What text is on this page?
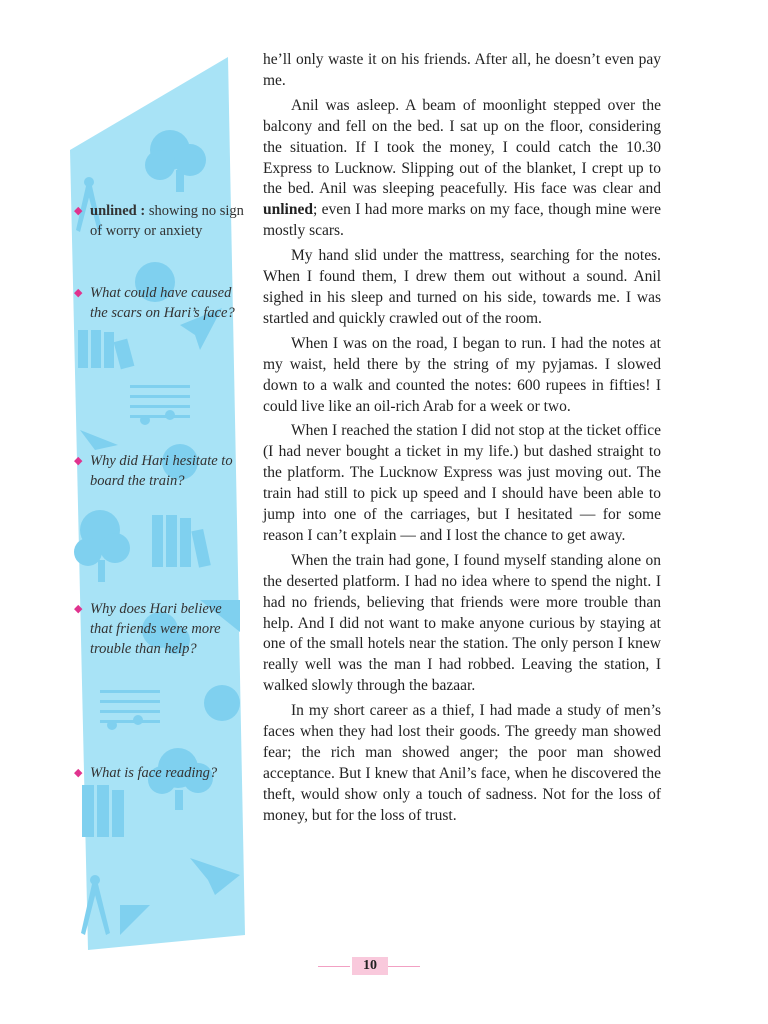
◆ unlined : showing no sign of worry or anxiety
◆ What could have caused the scars on Hari’s face?
◆ Why did Hari hesitate to board the train?
◆ Why does Hari believe that friends were more trouble than help?
◆ What is face reading?

he’ll only waste it on his friends. After all, he doesn’t even pay me.

Anil was asleep. A beam of moonlight stepped over the balcony and fell on the bed. I sat up on the floor, considering the situation. If I took the money, I could catch the 10.30 Express to Lucknow. Slipping out of the blanket, I crept up to the bed. Anil was sleeping peacefully. His face was clear and unlined; even I had more marks on my face, though mine were mostly scars.

My hand slid under the mattress, searching for the notes. When I found them, I drew them out without a sound. Anil sighed in his sleep and turned on his side, towards me. I was startled and quickly crawled out of the room.

When I was on the road, I began to run. I had the notes at my waist, held there by the string of my pyjamas. I slowed down to a walk and counted the notes: 600 rupees in fifties! I could live like an oil-rich Arab for a week or two.

When I reached the station I did not stop at the ticket office (I had never bought a ticket in my life.) but dashed straight to the platform. The Lucknow Express was just moving out. The train had still to pick up speed and I should have been able to jump into one of the carriages, but I hesitated — for some reason I can’t explain — and I lost the chance to get away.

When the train had gone, I found myself standing alone on the deserted platform. I had no idea where to spend the night. I had no friends, believing that friends were more trouble than help. And I did not want to make anyone curious by staying at one of the small hotels near the station. The only person I knew really well was the man I had robbed. Leaving the station, I walked slowly through the bazaar.

In my short career as a thief, I had made a study of men’s faces when they had lost their goods. The greedy man showed fear; the rich man showed anger; the poor man showed acceptance. But I knew that Anil’s face, when he discovered the theft, would show only a touch of sadness. Not for the loss of money, but for the loss of trust.

10
